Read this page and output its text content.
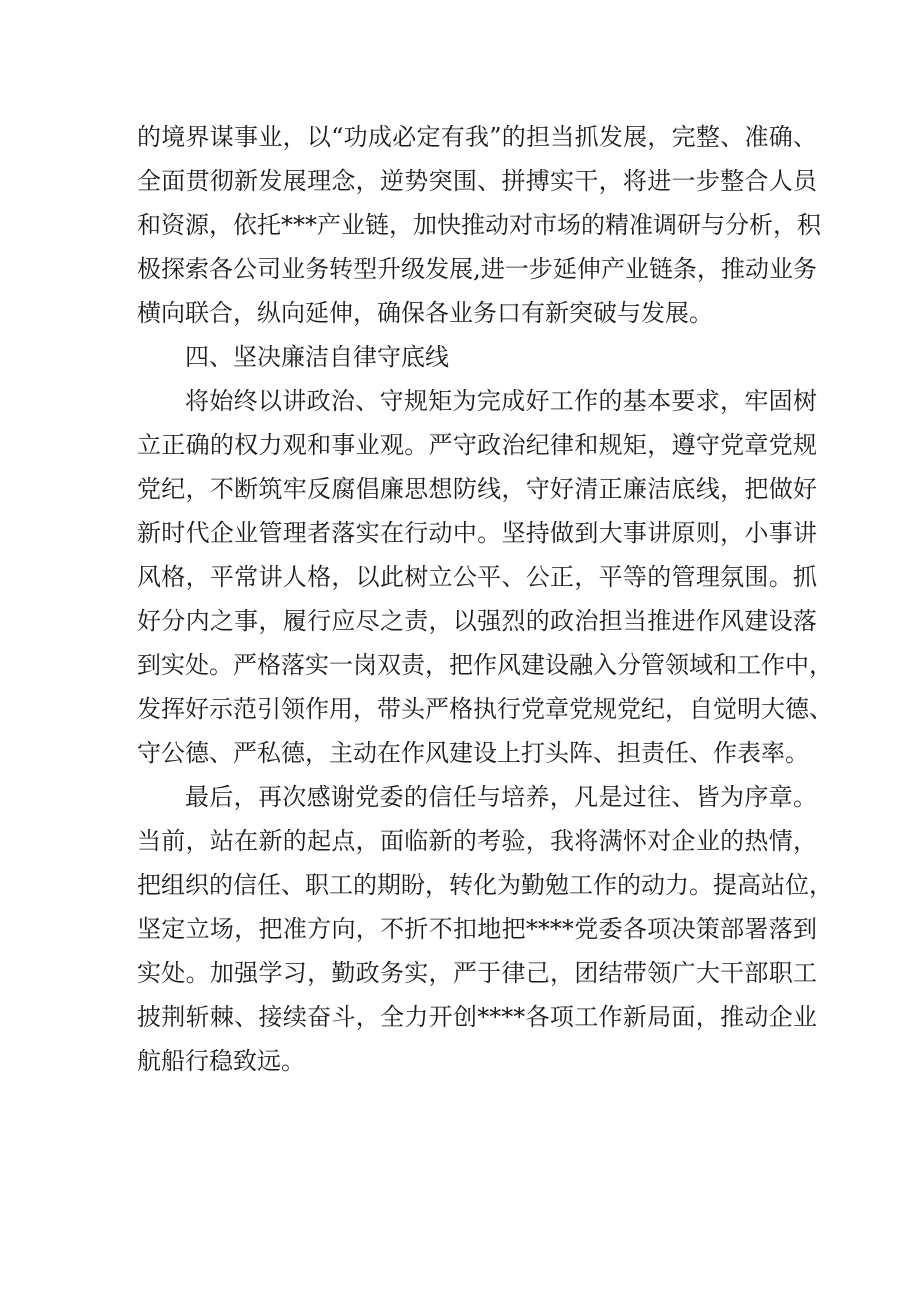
的境界谋事业，以“功成必定有我”的担当抓发展，完整、准确、
全面贯彻新发展理念，逆势突围、拼搏实干，将进一步整合人员
和资源，依托***产业链，加快推动对市场的精准调研与分析，积
极探索各公司业务转型升级发展,进一步延伸产业链条，推动业务
横向联合，纵向延伸，确保各业务口有新突破与发展。
四、坚决廉洁自律守底线
将始终以讲政治、守规矩为完成好工作的基本要求，牢固树
立正确的权力观和事业观。严守政治纪律和规矩，遵守党章党规
党纪，不断筑牢反腐倡廉思想防线，守好清正廉洁底线，把做好
新时代企业管理者落实在行动中。坚持做到大事讲原则，小事讲
风格，平常讲人格，以此树立公平、公正，平等的管理氛围。抓
好分内之事，履行应尽之责，以强烈的政治担当推进作风建设落
到实处。严格落实一岗双责，把作风建设融入分管领域和工作中，
发挥好示范引领作用，带头严格执行党章党规党纪，自觉明大德、
守公德、严私德，主动在作风建设上打头阵、担责任、作表率。
最后，再次感谢党委的信任与培养，凡是过往、皆为序章。
当前，站在新的起点，面临新的考验，我将满怀对企业的热情，
把组织的信任、职工的期盼，转化为勤勉工作的动力。提高站位，
坚定立场，把准方向，不折不扣地把****党委各项决策部署落到
实处。加强学习，勤政务实，严于律己，团结带领广大干部职工
披荆斩棘、接续奋斗，全力开创****各项工作新局面，推动企业
航船行稳致远。
